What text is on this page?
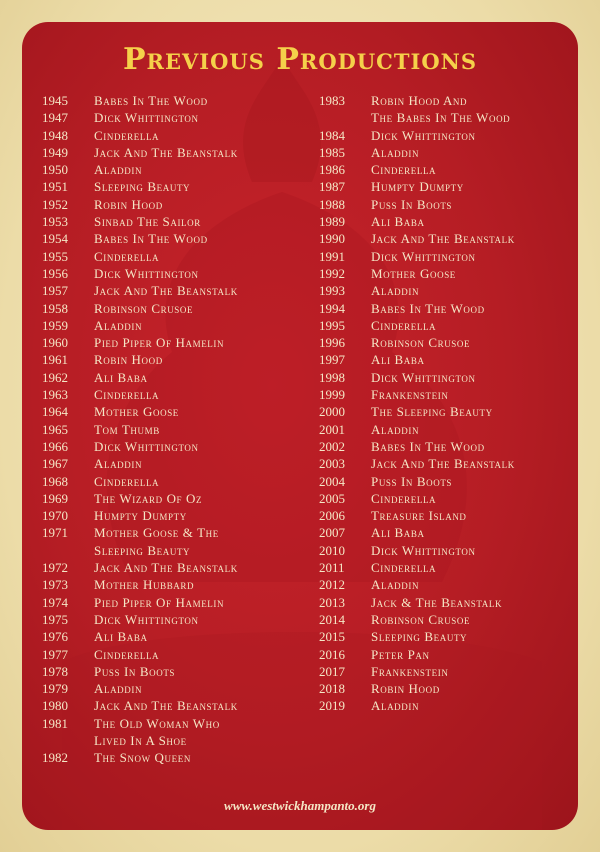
Previous Productions
1945	Babes In The Wood
1947	Dick Whittington
1948	Cinderella
1949	Jack And The Beanstalk
1950	Aladdin
1951	Sleeping Beauty
1952	Robin Hood
1953	Sinbad The Sailor
1954	Babes In The Wood
1955	Cinderella
1956	Dick Whittington
1957	Jack And The Beanstalk
1958	Robinson Crusoe
1959	Aladdin
1960	Pied Piper Of Hamelin
1961	Robin Hood
1962	Ali Baba
1963	Cinderella
1964	Mother Goose
1965	Tom Thumb
1966	Dick Whittington
1967	Aladdin
1968	Cinderella
1969	The Wizard Of Oz
1970	Humpty Dumpty
1971	Mother Goose & The
Sleeping Beauty
1972	Jack And The Beanstalk
1973	Mother Hubbard
1974	Pied Piper Of Hamelin
1975	Dick Whittington
1976	Ali Baba
1977	Cinderella
1978	Puss In Boots
1979	Aladdin
1980	Jack And The Beanstalk
1981	The Old Woman Who
Lived In A Shoe
1982	The Snow Queen
1983	Robin Hood And
The Babes In The Wood
1984	Dick Whittington
1985	Aladdin
1986	Cinderella
1987	Humpty Dumpty
1988	Puss In Boots
1989	Ali Baba
1990	Jack And The Beanstalk
1991	Dick Whittington
1992	Mother Goose
1993	Aladdin
1994	Babes In The Wood
1995	Cinderella
1996	Robinson Crusoe
1997	Ali Baba
1998	Dick Whittington
1999	Frankenstein
2000	The Sleeping Beauty
2001	Aladdin
2002	Babes In The Wood
2003	Jack And The Beanstalk
2004	Puss In Boots
2005	Cinderella
2006	Treasure Island
2007	Ali Baba
2010	Dick Whittington
2011	Cinderella
2012	Aladdin
2013	Jack & The Beanstalk
2014	Robinson Crusoe
2015	Sleeping Beauty
2016	Peter Pan
2017	Frankenstein
2018	Robin Hood
2019	Aladdin
www.westwickhampanto.org
